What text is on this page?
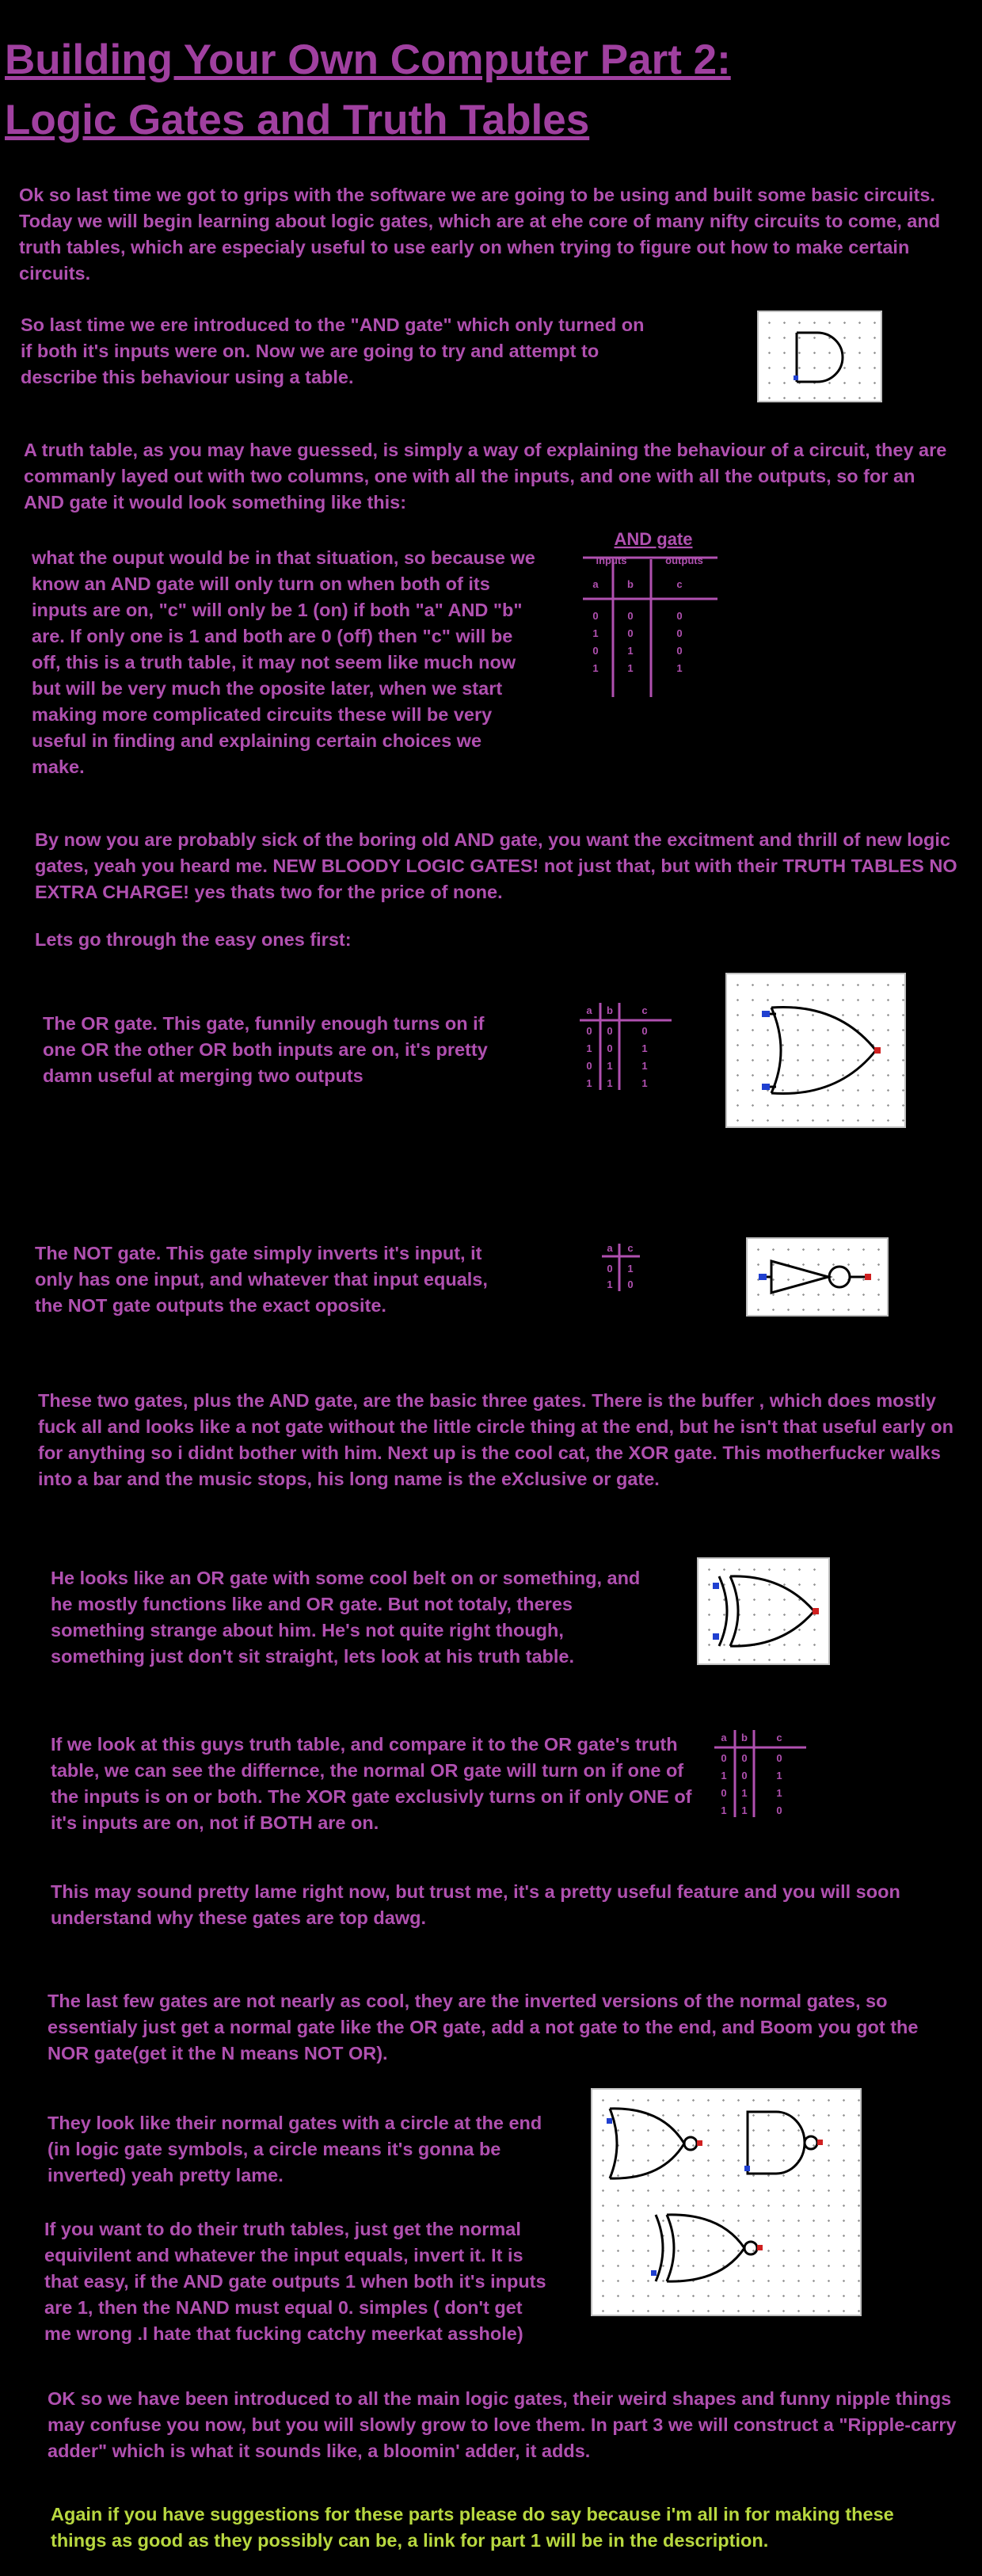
Building Your Own Computer Part 2:
Logic Gates and Truth Tables

Ok so last time we got to grips with the software we are going to be using and built some basic circuits. Today we will begin learning about logic gates, which are at ehe core of many nifty circuits to come, and truth tables, which are especialy useful to use early on when trying to figure out how to make certain circuits.

So last time we ere introduced to the "AND gate" which only turned on if both it's inputs were on. Now we are going to try and attempt to describe this behaviour using a table.

A truth table, as you may have guessed, is simply a way of explaining the behaviour of a circuit, they are commanly layed out with two columns, one with all the inputs, and one with all the outputs, so for an AND gate it would look something like this:

what the ouput would be in that situation, so because we know an AND gate will only turn on when both of its inputs are on, "c" will only be 1 (on) if both "a" AND "b" are. If only one is 1 and both are 0 (off) then "c" will be off, this is a truth table, it may not seem like much now but will be very much the oposite later, when we start making more complicated circuits these will be very useful in finding and explaining certain choices we make.

AND gate
inputs	outputs
a	b	c
0	0	0
1	0	0
0	1	0
1	1	1

By now you are probably sick of the boring old AND gate, you want the excitment and thrill of new logic gates, yeah you heard me. NEW BLOODY LOGIC GATES! not just that, but with their TRUTH TABLES NO EXTRA CHARGE! yes thats two for the price of none.

Lets go through the easy ones first:

The OR gate. This gate, funnily enough turns on if one OR the other OR both inputs are on, it's pretty damn useful at merging two outputs

a b	c
0 0	0
1 0	1
0 1	1
1 1	1

The NOT gate. This gate simply inverts it's input, it only has one input, and whatever that input equals, the NOT gate outputs the exact oposite.

a c
0 1
1 0

These two gates, plus the AND gate, are the basic three gates. There is the buffer , which does mostly fuck all and looks like a not gate without the little circle thing at the end, but he isn't that useful early on for anything so i didnt bother with him. Next up is the cool cat, the XOR gate. This motherfucker walks into a bar and the music stops, his long name is the eXclusive or gate.

He looks like an OR gate with some cool belt on or something, and he mostly functions like and OR gate. But not totaly, theres something strange about him. He's not quite right though, something just don't sit straight, lets look at his truth table.

If we look at this guys truth table, and compare it to the OR gate's truth table, we can see the differnce, the normal OR gate will turn on if one of the inputs is on or both. The XOR gate exclusivly turns on if only ONE of it's inputs are on, not if BOTH are on.

a b	c
0 0	0
1 0	1
0 1	1
1 1	0

This may sound pretty lame right now, but trust me, it's a pretty useful feature and you will soon understand why these gates are top dawg.

The last few gates are not nearly as cool, they are the inverted versions of the normal gates, so essentialy just get a normal gate like the OR gate, add a not gate to the end, and Boom you got the NOR gate(get it the N means NOT OR).

They look like their normal gates with a circle at the end (in logic gate symbols, a circle means it's gonna be inverted) yeah pretty lame.

If you want to do their truth tables, just get the normal equivilent and whatever the input equals, invert it. It is that easy, if the AND gate outputs 1 when both it's inputs are 1, then the NAND must equal 0. simples ( don't get me wrong .I hate that fucking catchy meerkat asshole)

OK so we have been introduced to all the main logic gates, their weird shapes and funny nipple things may confuse you now, but you will slowly grow to love them. In part 3 we will construct a "Ripple-carry adder" which is what it sounds like, a bloomin' adder, it adds.

Again if you have suggestions for these parts please do say because i'm all in for making these things as good as they possibly can be, a link for part 1 will be in the description.
